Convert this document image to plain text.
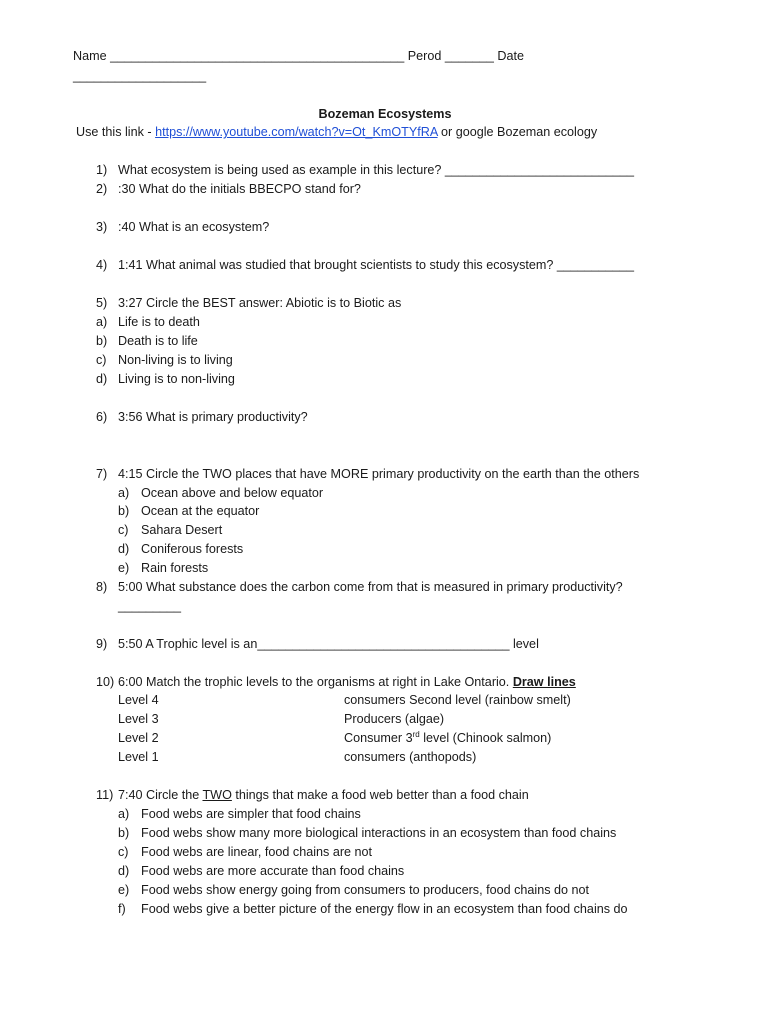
Name __________________________________________ Perod _______ Date
___________________
Bozeman Ecosystems
Use this link - https://www.youtube.com/watch?v=Ot_KmOTYfRA or google Bozeman ecology
1) What ecosystem is being used as example in this lecture? ___________________________
2) :30 What do the initials BBECPO stand for?
3) :40 What is an ecosystem?
4) 1:41 What animal was studied that brought scientists to study this ecosystem? ___________
5) 3:27 Circle the BEST answer: Abiotic is to Biotic as
a) Life is to death
b) Death is to life
c) Non-living is to living
d) Living is to non-living
6) 3:56 What is primary productivity?
7) 4:15 Circle the TWO places that have MORE primary productivity on the earth than the others
a) Ocean above and below equator
b) Ocean at the equator
c) Sahara Desert
d) Coniferous forests
e) Rain forests
8) 5:00 What substance does the carbon come from that is measured in primary productivity?
_________
9) 5:50 A Trophic level is an____________________________________ level
10) 6:00 Match the trophic levels to the organisms at right in Lake Ontario. Draw lines
Level 4	consumers Second level (rainbow smelt)
Level 3	Producers (algae)
Level 2	Consumer 3rd level (Chinook salmon)
Level 1	consumers (anthopods)
11) 7:40 Circle the TWO things that make a food web better than a food chain
a) Food webs are simpler that food chains
b) Food webs show many more biological interactions in an ecosystem than food chains
c) Food webs are linear, food chains are not
d) Food webs are more accurate than food chains
e) Food webs show energy going from consumers to producers, food chains do not
f) Food webs give a better picture of the energy flow in an ecosystem than food chains do
